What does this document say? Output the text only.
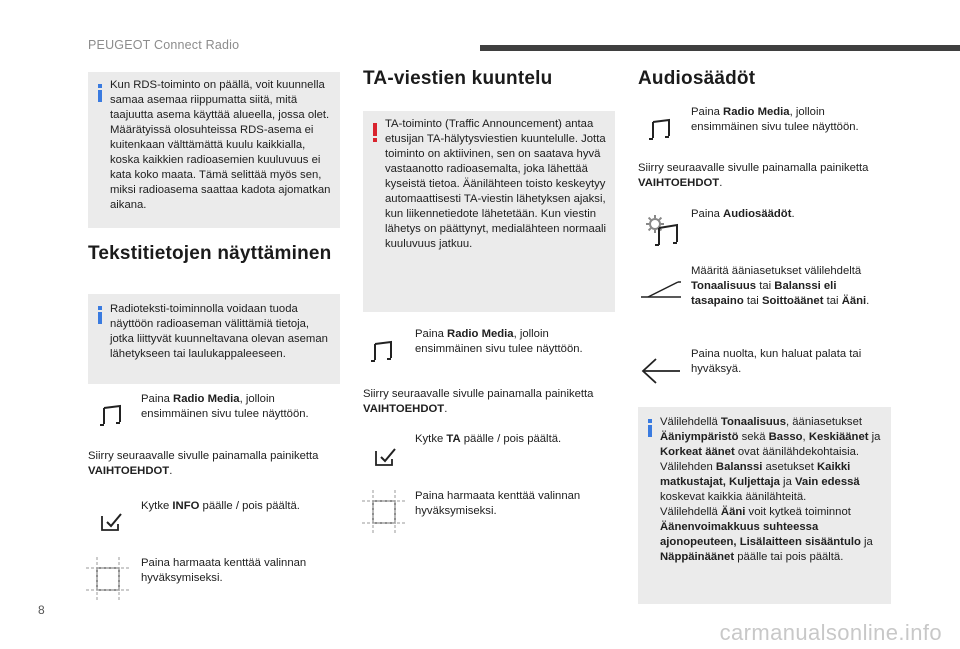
PEUGEOT Connect Radio
Kun RDS-toiminto on päällä, voit kuunnella samaa asemaa riippumatta siitä, mitä taajuutta asema käyttää alueella, jossa olet. Määrätyissä olosuhteissa RDS-asema ei kuitenkaan välttämättä kuulu kaikkialla, koska kaikkien radioasemien kuuluvuus ei kata koko maata. Tämä selittää myös sen, miksi radioasema saattaa kadota ajomatkan aikana.
Tekstitietojen näyttäminen
Radioteksti-toiminnolla voidaan tuoda näyttöön radioaseman välittämiä tietoja, jotka liittyvät kuunneltavana olevan aseman lähetykseen tai laulukappaleeseen.
Paina Radio Media, jolloin ensimmäinen sivu tulee näyttöön.
Siirry seuraavalle sivulle painamalla painiketta VAIHTOEHDOT.
Kytke INFO päälle / pois päältä.
Paina harmaata kenttää valinnan hyväksymiseksi.
TA-viestien kuuntelu
TA-toiminto (Traffic Announcement) antaa etusijan TA-hälytysviestien kuuntelulle. Jotta toiminto on aktiivinen, sen on saatava hyvä vastaanotto radioasemalta, joka lähettää kyseistä tietoa. Äänilähteen toisto keskeytyy automaattisesti TA-viestin lähetyksen ajaksi, kun liikennetiedote lähetetään. Kun viestin lähetys on päättynyt, medialähteen normaali kuuluvuus jatkuu.
Paina Radio Media, jolloin ensimmäinen sivu tulee näyttöön.
Siirry seuraavalle sivulle painamalla painiketta VAIHTOEHDOT.
Kytke TA päälle / pois päältä.
Paina harmaata kenttää valinnan hyväksymiseksi.
Audiosäädöt
Paina Radio Media, jolloin ensimmäinen sivu tulee näyttöön.
Siirry seuraavalle sivulle painamalla painiketta VAIHTOEHDOT.
Paina Audiosäädöt.
Määritä ääniasetukset välilehdeltä Tonaalisuus tai Balanssi eli tasapaino tai Soittoäänet tai Ääni.
Paina nuolta, kun haluat palata tai hyväksyä.
Välilehdellä Tonaalisuus, ääniasetukset Ääniympäristö sekä Basso, Keskiäänet ja Korkeat äänet ovat äänilähdekohtaisia.
Välilehden Balanssi asetukset Kaikki matkustajat, Kuljettaja ja Vain edessä koskevat kaikkia äänilähteitä.
Välilehdellä Ääni voit kytkeä toiminnot Äänenvoimakkuus suhteessa ajonopeuteen, Lisälaitteen sisääntulo ja Näppäinäänet päälle tai pois päältä.
8
carmanualsonline.info
